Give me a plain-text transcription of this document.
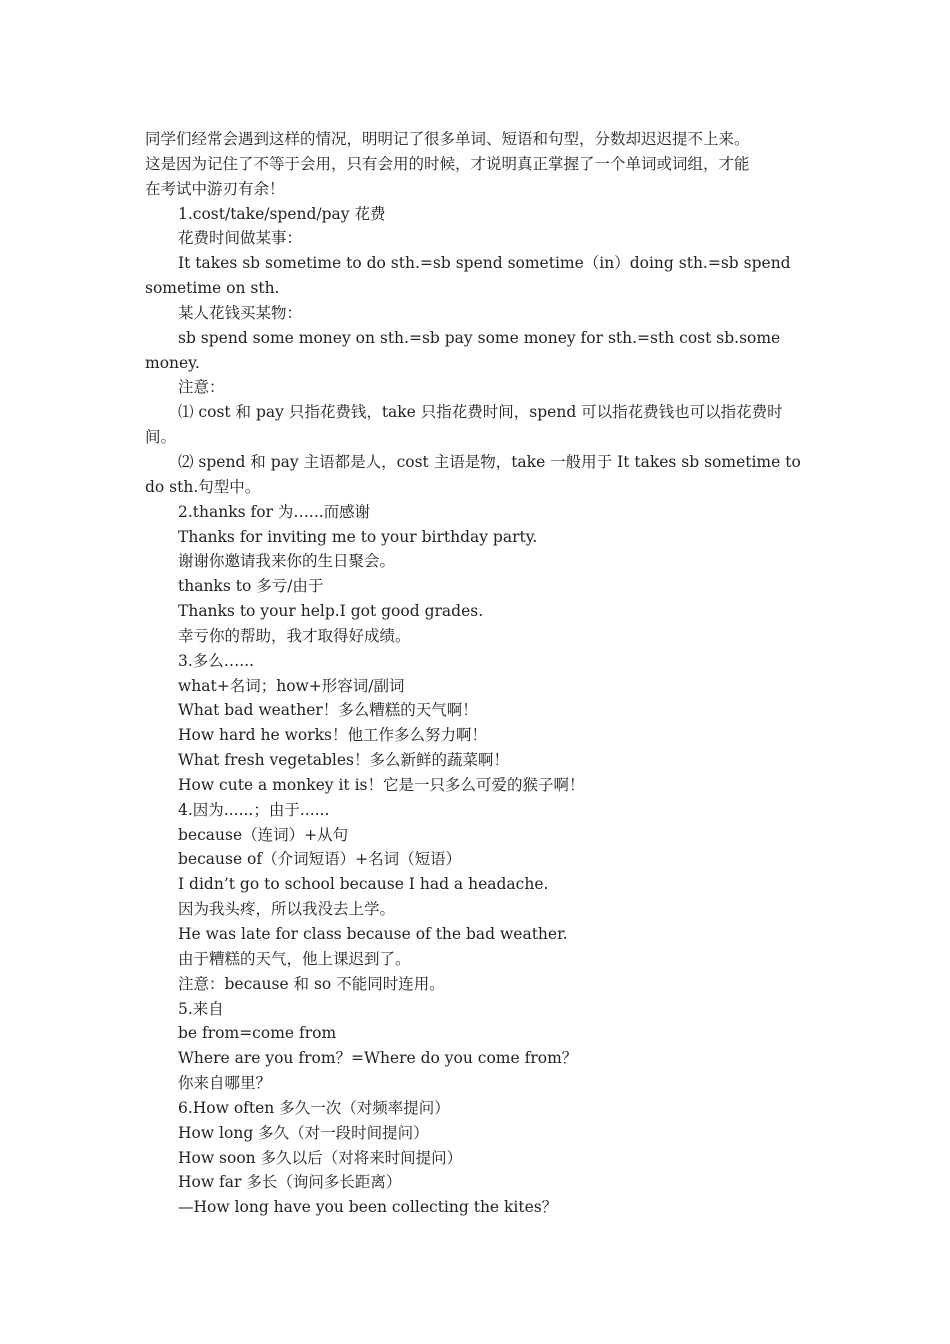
同学们经常会遇到这样的情况，明明记了很多单词、短语和句型，分数却迟迟提不上来。
这是因为记住了不等于会用，只有会用的时候，才说明真正掌握了一个单词或词组，才能
在考试中游刃有余！
1.cost/take/spend/pay 花费
花费时间做某事：
It takes sb sometime to do sth.=sb spend sometime（in）doing sth.=sb spend
sometime on sth.
某人花钱买某物：
sb spend some money on sth.=sb pay some money for sth.=sth cost sb.some
money.
注意：
⑴ cost 和 pay 只指花费钱，take 只指花费时间，spend 可以指花费钱也可以指花费时
间。
⑵ spend 和 pay 主语都是人，cost 主语是物，take 一般用于 It takes sb sometime to
do sth.句型中。
2.thanks for 为…...而感谢
Thanks for inviting me to your birthday party.
谢谢你邀请我来你的生日聚会。
thanks to 多亏/由于
Thanks to your help.I got good grades.
幸亏你的帮助，我才取得好成绩。
3.多么…...
what+名词；how+形容词/副词
What bad weather！多么糟糕的天气啊！
How hard he works！他工作多么努力啊！
What fresh vegetables！多么新鲜的蔬菜啊！
How cute a monkey it is！它是一只多么可爱的猴子啊！
4.因为......；由于......
because（连词）+从句
because of（介词短语）+名词（短语）
I didn’t go to school because I had a headache.
因为我头疼，所以我没去上学。
He was late for class because of the bad weather.
由于糟糕的天气，他上课迟到了。
注意：because 和 so 不能同时连用。
5.来自
be from=come from
Where are you from？=Where do you come from？
你来自哪里？
6.How often 多久一次（对频率提问）
How long 多久（对一段时间提问）
How soon 多久以后（对将来时间提问）
How far 多长（询问多长距离）
—How long have you been collecting the kites？
